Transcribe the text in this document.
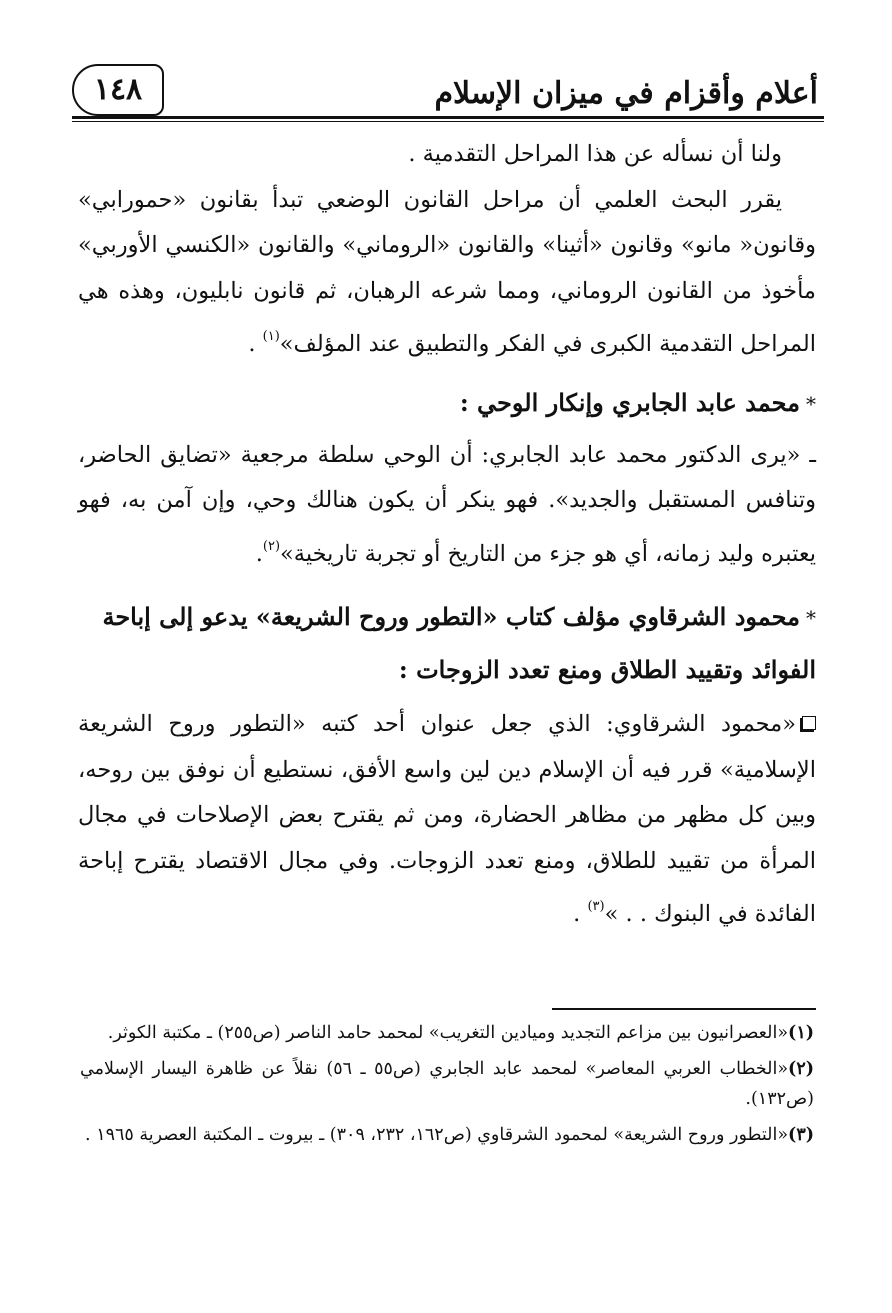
أعلام وأقزام في ميزان الإسلام
١٤٨

ولنا أن نسأله عن هذا المراحل التقدمية .

يقرر البحث العلمي أن مراحل القانون الوضعي تبدأ بقانون «حمورابي» وقانون« مانو» وقانون «أثينا» والقانون «الروماني» والقانون «الكنسي الأوربي» مأخوذ من القانون الروماني، ومما شرعه الرهبان، ثم قانون نابليون، وهذه هي المراحل التقدمية الكبرى في الفكر والتطبيق عند المؤلف»$^{(١)}$ .

*محمد عابد الجابري وإنكار الوحي :

ـ «يرى الدكتور محمد عابد الجابري: أن الوحي سلطة مرجعية «تضايق الحاضر، وتنافس المستقبل والجديد». فهو ينكر أن يكون هنالك وحي، وإن آمن به، فهو يعتبره وليد زمانه، أي هو جزء من التاريخ أو تجربة تاريخية»$^{(٢)}$.

*محمود الشرقاوي مؤلف كتاب «التطور وروح الشريعة» يدعو إلى إباحة الفوائد وتقييد الطلاق ومنع تعدد الزوجات :

«محمود الشرقاوي: الذي جعل عنوان أحد كتبه «التطور وروح الشريعة الإسلامية» قرر فيه أن الإسلام دين لين واسع الأفق، نستطيع أن نوفق بين روحه، وبين كل مظهر من مظاهر الحضارة، ومن ثم يقترح بعض الإصلاحات في مجال المرأة من تقييد للطلاق، ومنع تعدد الزوجات. وفي مجال الاقتصاد يقترح إباحة الفائدة في البنوك . . »$^{(٣)}$ .

(١)«العصرانيون بين مزاعم التجديد وميادين التغريب» لمحمد حامد الناصر (ص٢٥٥) ـ مكتبة الكوثر.
(٢)«الخطاب العربي المعاصر» لمحمد عابد الجابري (ص٥٥ ـ ٥٦) نقلاً عن ظاهرة اليسار الإسلامي (ص١٣٢).
(٣)«التطور وروح الشريعة» لمحمود الشرقاوي (ص١٦٢، ٢٣٢، ٣٠٩) ـ بيروت ـ المكتبة العصرية ١٩٦٥ .
